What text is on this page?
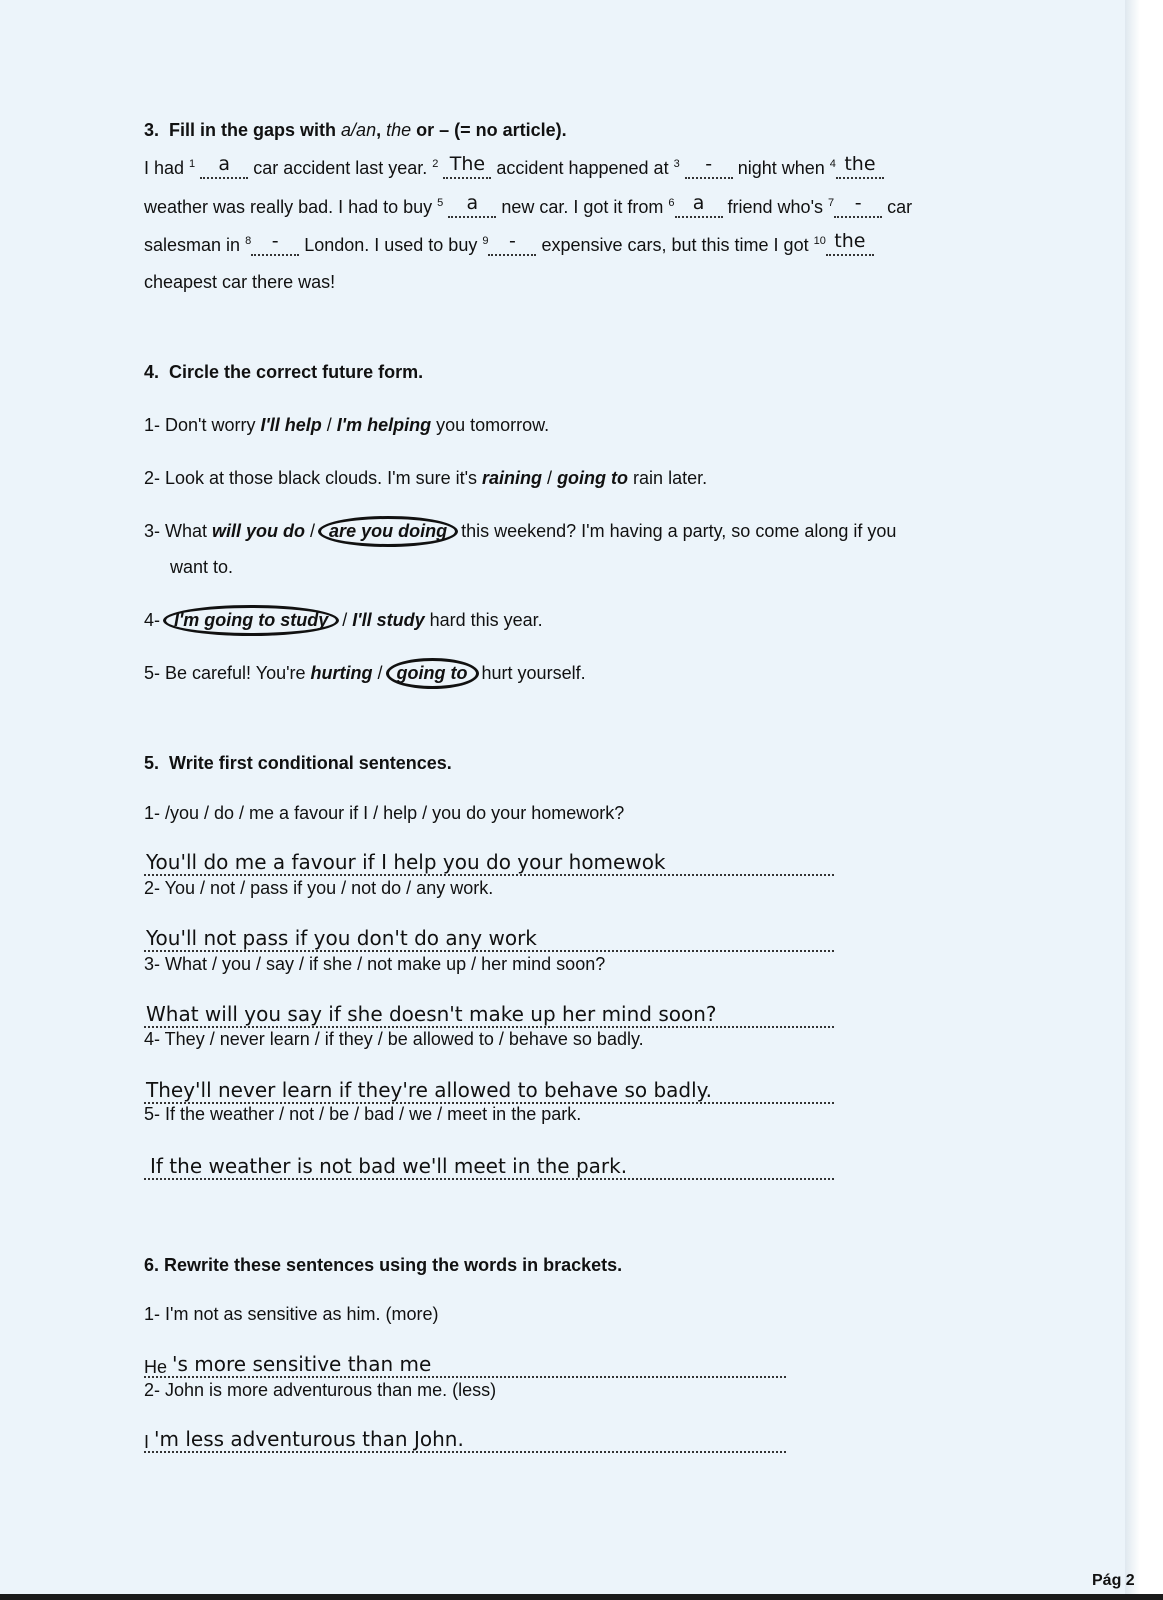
3. Fill in the gaps with a/an, the or – (= no article).
I had $^1$ a car accident last year. $^2$ The accident happened at $^3$ - night when $^4$ the
weather was really bad. I had to buy $^5$ a new car. I got it from $^6$ a friend who's $^7$ - car
salesman in $^8$ - London. I used to buy $^9$ - expensive cars, but this time I got $^{10}$ the
cheapest car there was!
4. Circle the correct future form.
1- Don't worry I'll help / I'm helping you tomorrow.
2- Look at those black clouds. I'm sure it's raining / going to rain later.
3- What will you do / are you doing this weekend? I'm having a party, so come along if you
want to.
4- I'm going to study / I'll study hard this year.
5- Be careful! You're hurting / going to hurt yourself.
5. Write first conditional sentences.
1- /you / do / me a favour if I / help / you do your homework?
You'll do me a favour if I help you do your homewok
2- You / not / pass if you / not do / any work.
You'll not pass if you don't do any work
3- What / you / say / if she / not make up / her mind soon?
What will you say if she doesn't make up her mind soon?
4- They / never learn / if they / be allowed to / behave so badly.
They'll never learn if they're allowed to behave so badly.
5- If the weather / not / be / bad / we / meet in the park.
If the weather is not bad we'll meet in the park.
6. Rewrite these sentences using the words in brackets.
1- I'm not as sensitive as him. (more)
He 's more sensitive than me
2- John is more adventurous than me. (less)
I 'm less adventurous than John.
Pág 2
